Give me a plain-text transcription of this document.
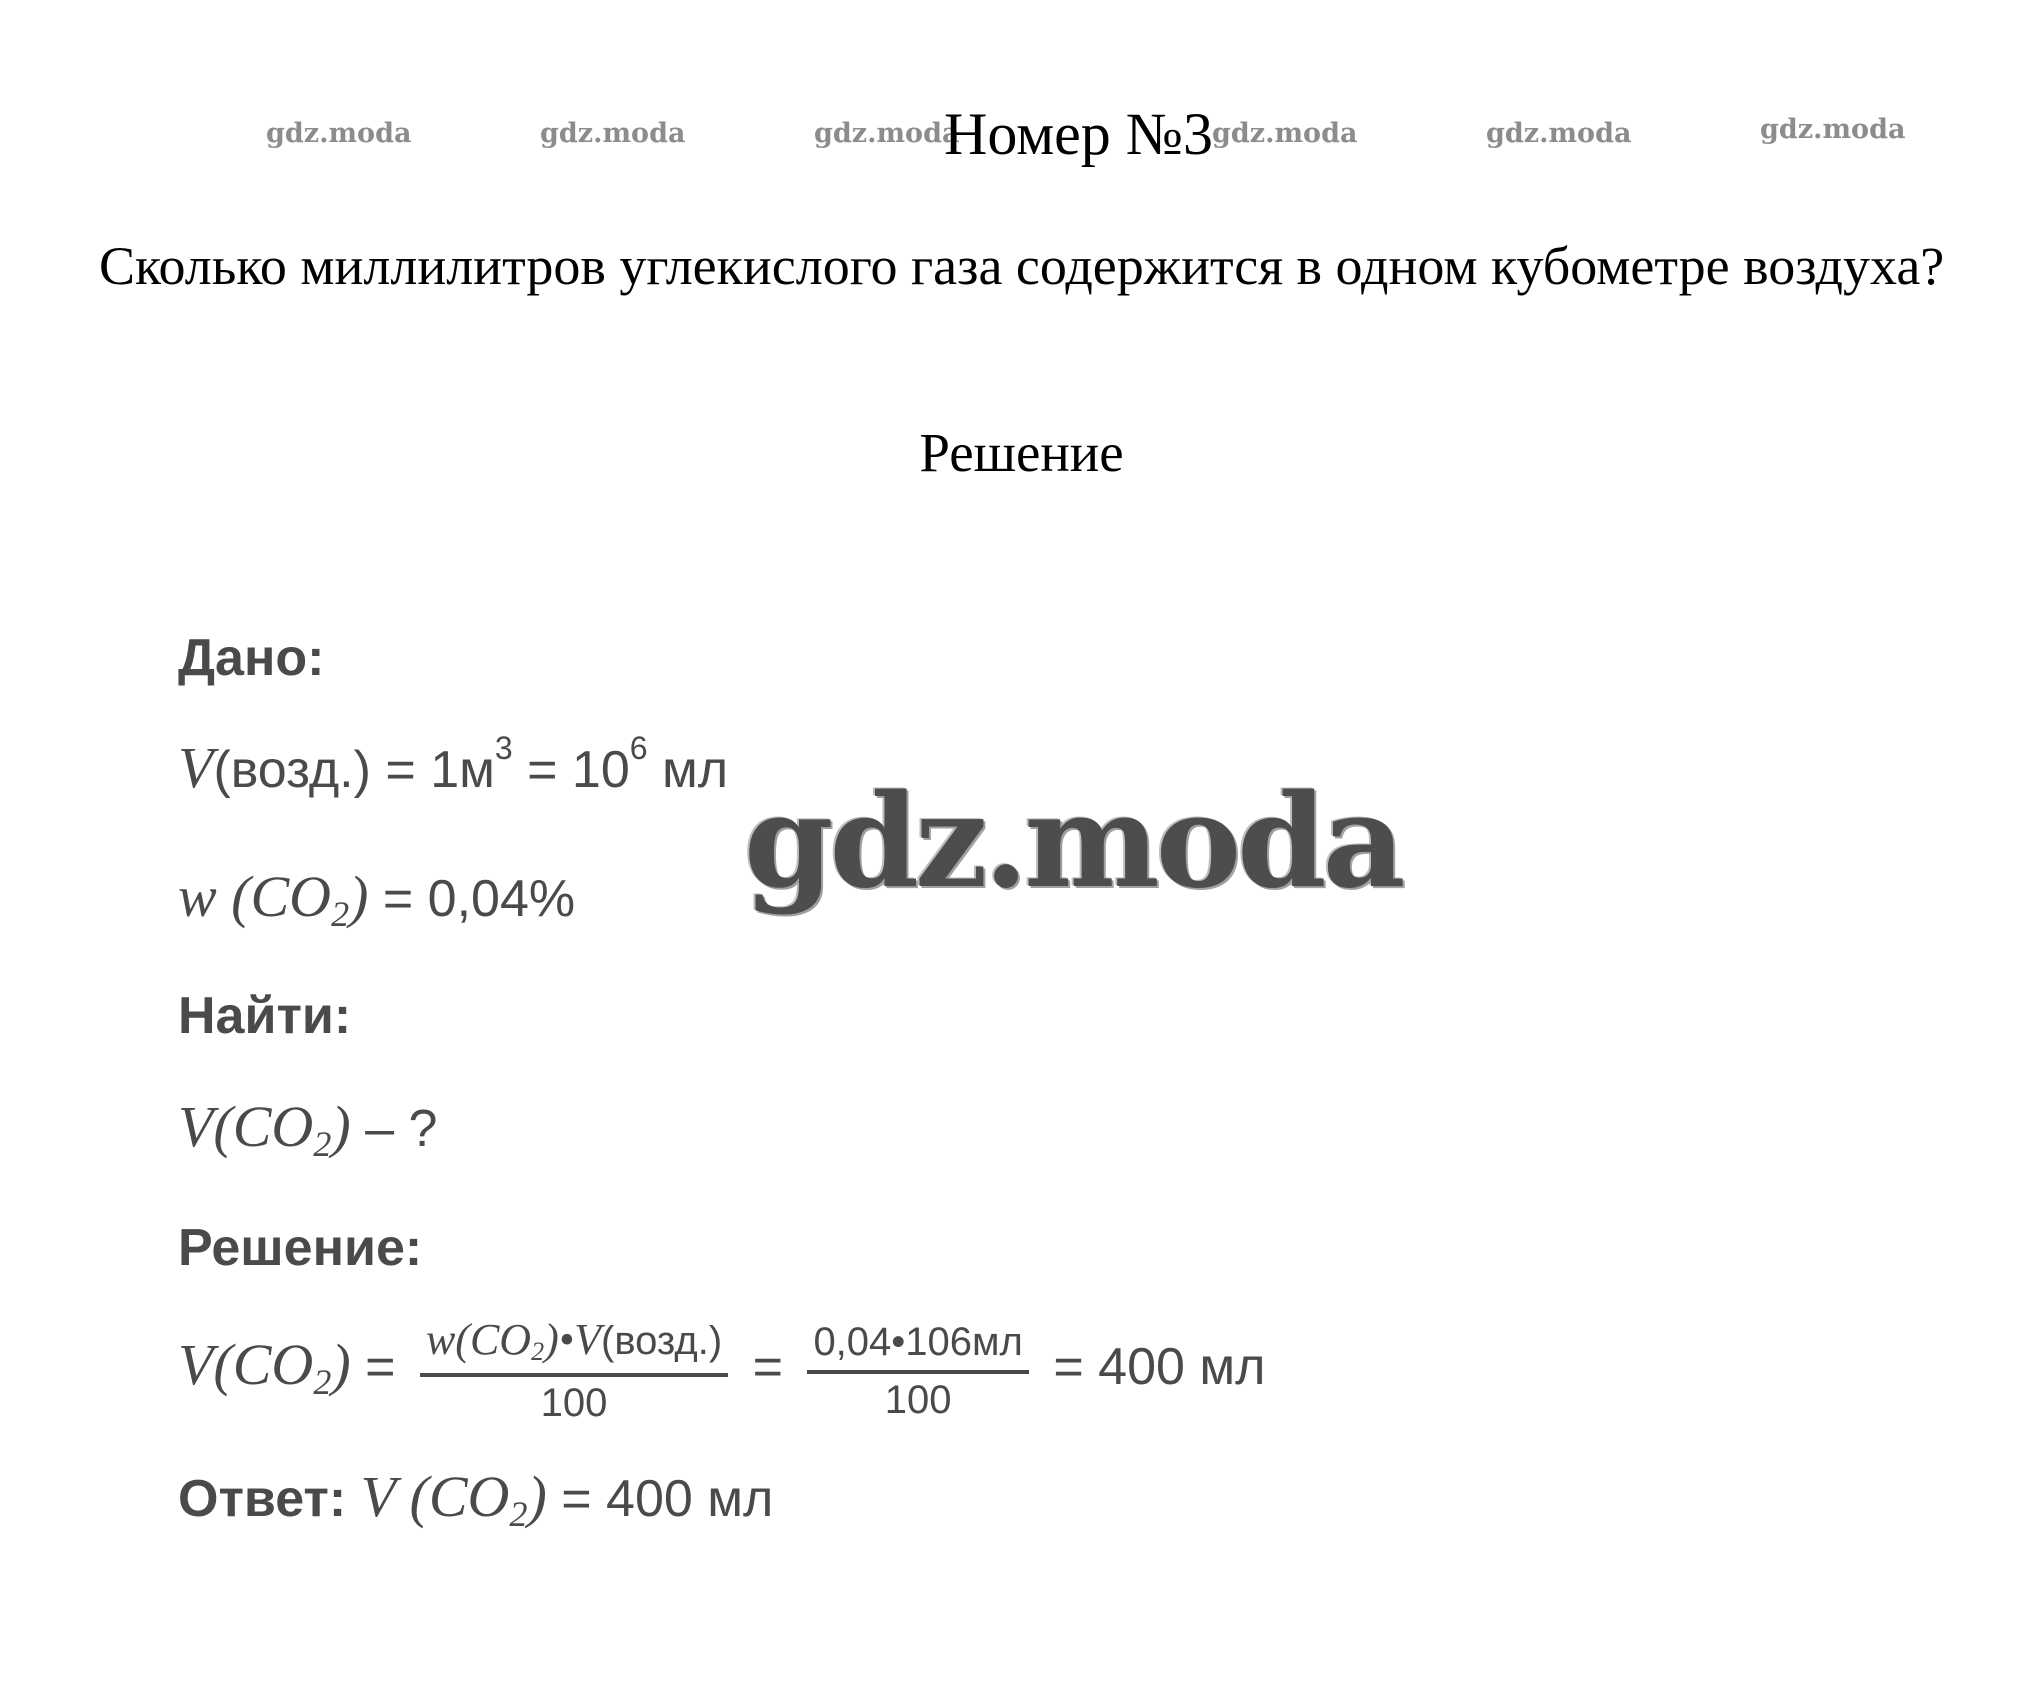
gdz.moda	gdz.moda	gdz.moda	gdz.moda	gdz.moda	gdz.moda
Номер №3
Сколько миллилитров углекислого газа содержится в одном кубометре воздуха?
Решение
Дано:
V(возд.) = $1м^3 = 10^6$ мл
w $(CO_2) = 0,04\%$
Найти:
$V(CO_2)$ – ?
Решение:
$V(CO_2) = \frac{w(CO_2)•V(возд.)}{100} = \frac{0,04•106мл}{100} = 400$ мл
Ответ: V $(CO_2) = 400$ мл
gdz.moda
